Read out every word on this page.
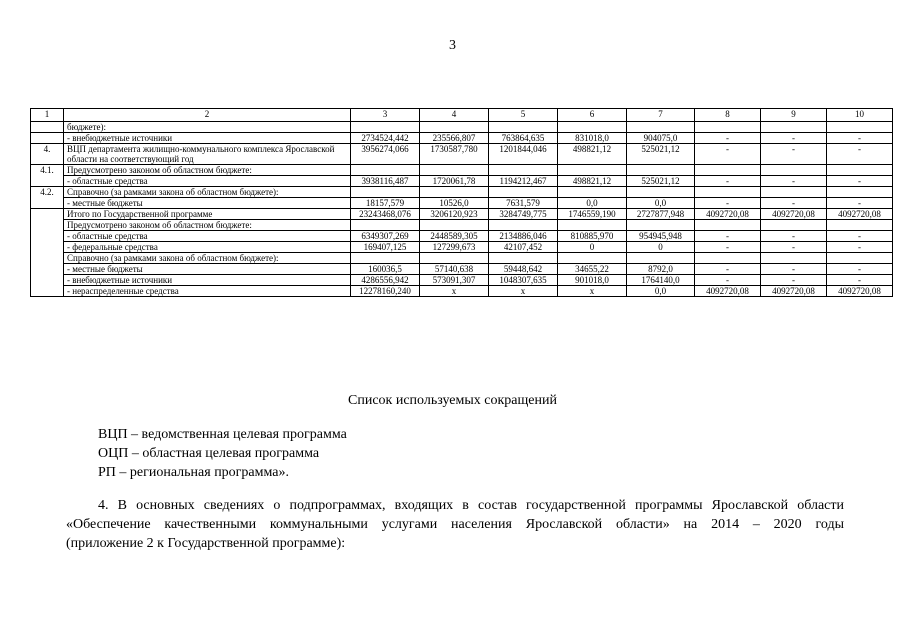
3
1	2	3	4	5	6	7	8	9	10
	бюджете):								
	- внебюджетные источники	2734524,442	235566,807	763864,635	831018,0	904075,0	-	-	-
4.	ВЦП департамента жилищно-коммунального комплекса Ярославской области на соответствующий год	3956274,066	1730587,780	1201844,046	498821,12	525021,12	-	-	-
4.1.	Предусмотрено законом об областном бюджете:								
	- областные средства	3938116,487	1720061,78	1194212,467	498821,12	525021,12	-	-	-
4.2.	Справочно (за рамками закона об областном бюджете):								
	- местные бюджеты	18157,579	10526,0	7631,579	0,0	0,0	-	-	-
	Итого по Государственной программе	23243468,076	3206120,923	3284749,775	1746559,190	2727877,948	4092720,08	4092720,08	4092720,08
	Предусмотрено законом об областном бюджете:								
	- областные средства	6349307,269	2448589,305	2134886,046	810885,970	954945,948	-	-	-
	- федеральные средства	169407,125	127299,673	42107,452	0	0	-	-	-
	Справочно (за рамками закона об областном бюджете):								
	- местные бюджеты	160036,5	57140,638	59448,642	34655,22	8792,0	-	-	-
	- внебюджетные источники	4286556,942	573091,307	1048307,635	901018,0	1764140,0	-	-	-
	- нераспределенные средства	12278160,240	х	х	х	0,0	4092720,08	4092720,08	4092720,08
Список используемых сокращений
ВЦП – ведомственная целевая программа
ОЦП – областная целевая программа
РП – региональная программа».
4. В основных сведениях о подпрограммах, входящих в состав государственной программы Ярославской области
«Обеспечение качественными коммунальными услугами населения Ярославской области» на 2014 – 2020 годы
(приложение 2 к Государственной программе):
